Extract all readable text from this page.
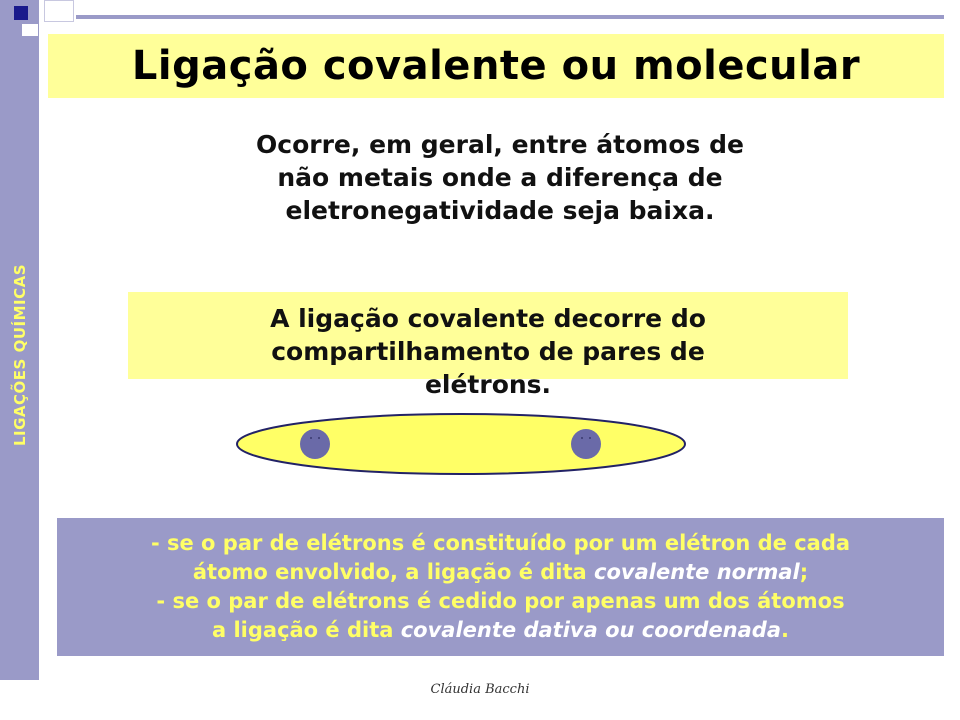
LIGAÇÕES QUÍMICAS
Ligação covalente ou molecular
Ocorre, em geral, entre átomos de
não metais onde a diferença de
eletronegatividade seja baixa.
A ligação covalente decorre do
compartilhamento de pares de
elétrons.
- se o par de elétrons é constituído por um elétron de cada
átomo envolvido, a ligação é dita covalente normal;
- se o par de elétrons é cedido por apenas um dos átomos
a ligação é dita covalente dativa ou coordenada.
Cláudia Bacchi
